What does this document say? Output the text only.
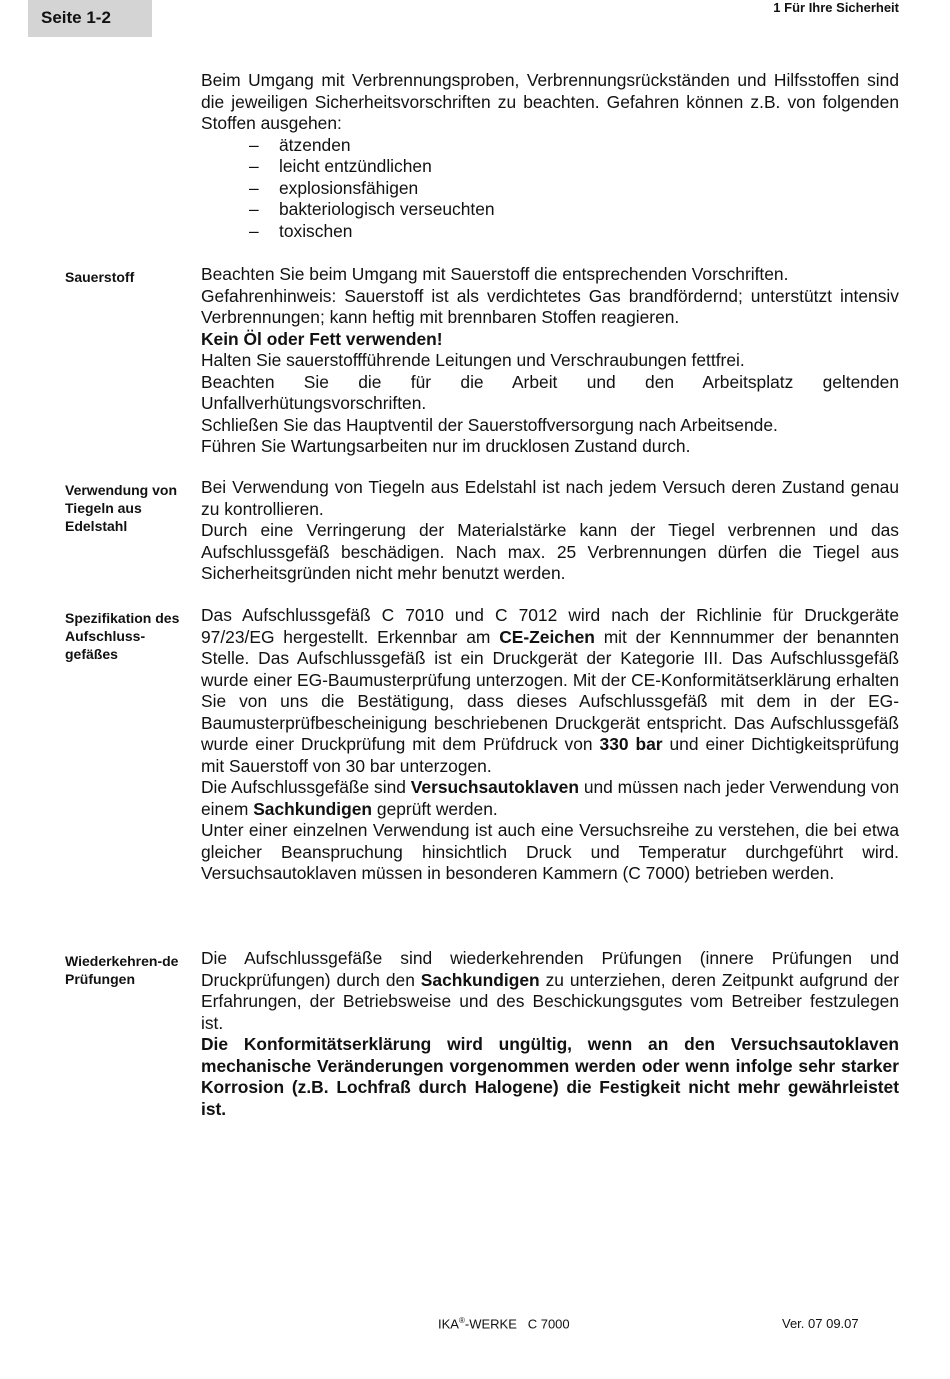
Seite 1-2
1 Für Ihre Sicherheit

Beim Umgang mit Verbrennungsproben, Verbrennungsrückständen und Hilfsstoffen sind die jeweiligen Sicherheitsvorschriften zu beachten. Gefahren können z.B. von folgenden Stoffen ausgehen:

– ätzenden
– leicht entzündlichen
– explosionsfähigen
– bakteriologisch verseuchten
– toxischen
Sauerstoff	Beachten Sie beim Umgang mit Sauerstoff die entsprechenden Vorschriften.

Gefahrenhinweis: Sauerstoff ist als verdichtetes Gas brandfördernd; unterstützt intensiv Verbrennungen; kann heftig mit brennbaren Stoffen reagieren.

Kein Öl oder Fett verwenden!

Halten Sie sauerstoffführende Leitungen und Verschraubungen fettfrei.

Beachten Sie die für die Arbeit und den Arbeitsplatz geltenden Unfallverhütungsvorschriften.

Schließen Sie das Hauptventil der Sauerstoffversorgung nach Arbeitsende.

Führen Sie Wartungsarbeiten nur im drucklosen Zustand durch.

Verwendung von Tiegeln aus Edelstahl

Bei Verwendung von Tiegeln aus Edelstahl ist nach jedem Versuch deren Zustand genau zu kontrollieren.

Durch eine Verringerung der Materialstärke kann der Tiegel verbrennen und das Aufschlussgefäß beschädigen. Nach max. 25 Verbrennungen dürfen die Tiegel aus Sicherheitsgründen nicht mehr benutzt werden.

Spezifikation des Aufschluss-gefäßes

Das Aufschlussgefäß C 7010 und C 7012 wird nach der Richlinie für Druckgeräte 97/23/EG hergestellt. Erkennbar am CE-Zeichen mit der Kennnummer der benannten Stelle. Das Aufschlussgefäß ist ein Druckgerät der Kategorie III. Das Aufschlussgefäß wurde einer EG-Baumusterprüfung unterzogen. Mit der CE-Konformitätserklärung erhalten Sie von uns die Bestätigung, dass dieses Aufschlussgefäß mit dem in der EG-Baumusterprüfbescheinigung beschriebenen Druckgerät entspricht. Das Aufschlussgefäß wurde einer Druckprüfung mit dem Prüfdruck von 330 bar und einer Dichtigkeitsprüfung mit Sauerstoff von 30 bar unterzogen.

Die Aufschlussgefäße sind Versuchsautoklaven und müssen nach jeder Verwendung von einem Sachkundigen geprüft werden.

Unter einer einzelnen Verwendung ist auch eine Versuchsreihe zu verstehen, die bei etwa gleicher Beanspruchung hinsichtlich Druck und Temperatur durchgeführt wird. Versuchsautoklaven müssen in besonderen Kammern (C 7000) betrieben werden.

Wiederkehren-de Prüfungen

Die Aufschlussgefäße sind wiederkehrenden Prüfungen (innere Prüfungen und Druckprüfungen) durch den Sachkundigen zu unterziehen, deren Zeitpunkt aufgrund der Erfahrungen, der Betriebsweise und des Beschickungsgutes vom Betreiber festzulegen ist.

Die Konformitätserklärung wird ungültig, wenn an den Versuchsautoklaven mechanische Veränderungen vorgenommen werden oder wenn infolge sehr starker Korrosion (z.B. Lochfraß durch Halogene) die Festigkeit nicht mehr gewährleistet ist.

IKA®-WERKE C 7000	Ver. 07 09.07
